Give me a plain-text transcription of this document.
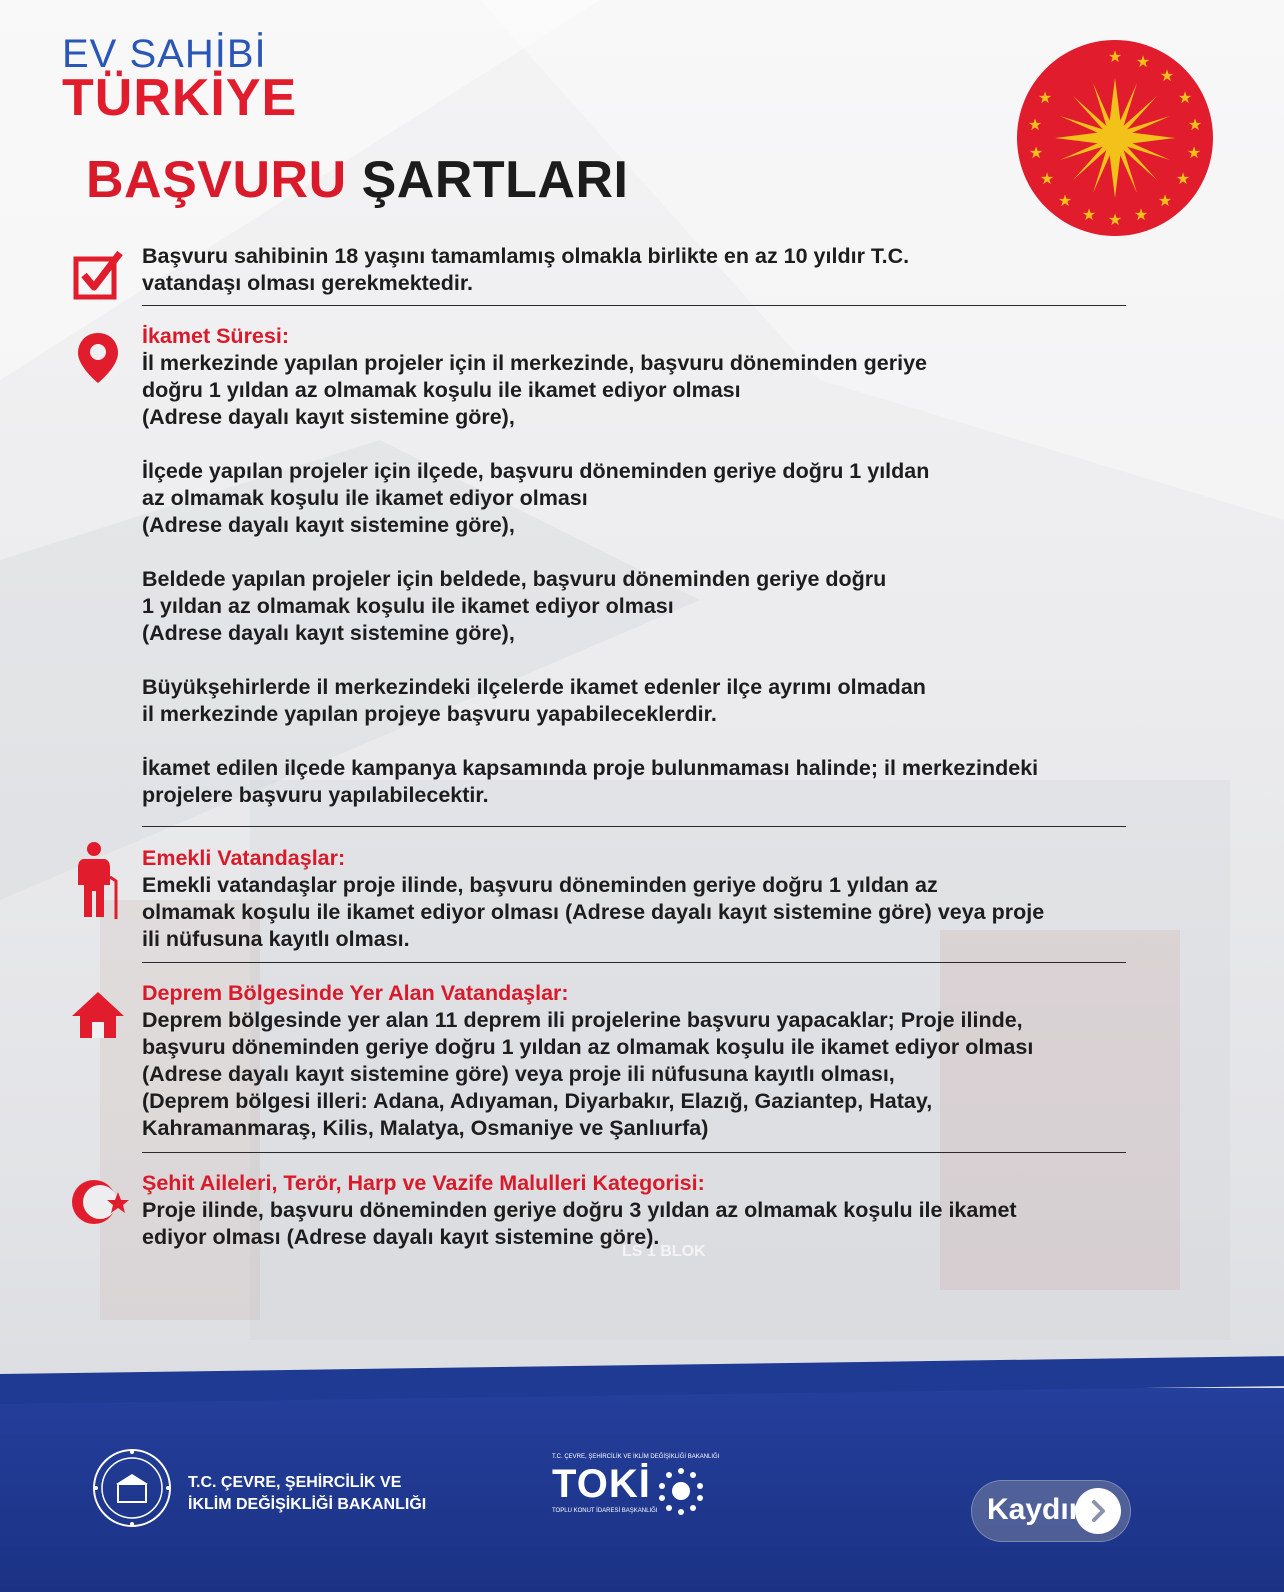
LS 1 BLOK
EV SAHİBİ
TÜRKİYE
★ ★
★
★
★
★
★
★
★
★
★
★
★
★
★
★
BAŞVURU ŞARTLARI

Başvuru sahibinin 18 yaşını tamamlamış olmakla birlikte en az 10 yıldır T.C.

vatandaşı olması gerekmektedir.

İkamet Süresi:

İl merkezinde yapılan projeler için il merkezinde, başvuru döneminden geriye

doğru 1 yıldan az olmamak koşulu ile ikamet ediyor olması

(Adrese dayalı kayıt sistemine göre),

İlçede yapılan projeler için ilçede, başvuru döneminden geriye doğru 1 yıldan

az olmamak koşulu ile ikamet ediyor olması

(Adrese dayalı kayıt sistemine göre),

Beldede yapılan projeler için beldede, başvuru döneminden geriye doğru

1 yıldan az olmamak koşulu ile ikamet ediyor olması

(Adrese dayalı kayıt sistemine göre),

Büyükşehirlerde il merkezindeki ilçelerde ikamet edenler ilçe ayrımı olmadan

il merkezinde yapılan projeye başvuru yapabileceklerdir.

İkamet edilen ilçede kampanya kapsamında proje bulunmaması halinde; il merkezindeki

projelere başvuru yapılabilecektir.

Emekli Vatandaşlar:

Emekli vatandaşlar proje ilinde, başvuru döneminden geriye doğru 1 yıldan az

olmamak koşulu ile ikamet ediyor olması (Adrese dayalı kayıt sistemine göre) veya proje

ili nüfusuna kayıtlı olması.

Deprem Bölgesinde Yer Alan Vatandaşlar:

Deprem bölgesinde yer alan 11 deprem ili projelerine başvuru yapacaklar; Proje ilinde,

başvuru döneminden geriye doğru 1 yıldan az olmamak koşulu ile ikamet ediyor olması

(Adrese dayalı kayıt sistemine göre) veya proje ili nüfusuna kayıtlı olması,

(Deprem bölgesi illeri: Adana, Adıyaman, Diyarbakır, Elazığ, Gaziantep, Hatay,

Kahramanmaraş, Kilis, Malatya, Osmaniye ve Şanlıurfa)

Şehit Aileleri, Terör, Harp ve Vazife Malulleri Kategorisi:

Proje ilinde, başvuru döneminden geriye doğru 3 yıldan az olmamak koşulu ile ikamet

ediyor olması (Adrese dayalı kayıt sistemine göre).

T.C. ÇEVRE, ŞEHİRCİLİK VE

İKLİM DEĞİŞİKLİĞİ BAKANLIĞI

T.C. ÇEVRE, ŞEHİRCİLİK VE İKLİM DEĞİŞİKLİĞİ BAKANLIĞI
TOKİ
TOPLU KONUT İDARESİ BAŞKANLIĞI	Kaydır
